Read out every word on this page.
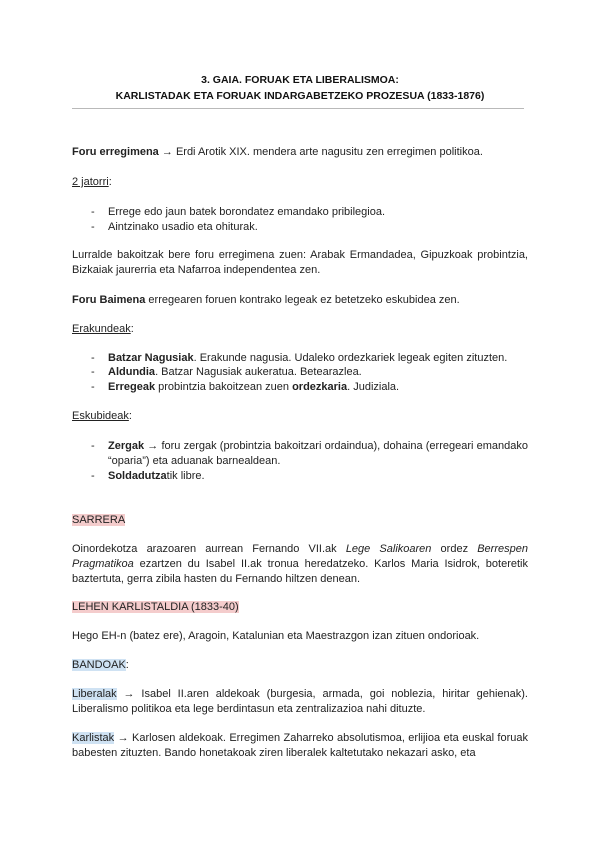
3. GAIA. FORUAK ETA LIBERALISMOA:
KARLISTADAK ETA FORUAK INDARGABETZEKO PROZESUA (1833-1876)
Foru erregimena → Erdi Arotik XIX. mendera arte nagusitu zen erregimen politikoa.
2 jatorri:
- Errege edo jaun batek borondatez emandako pribilegioa.
- Aintzinako usadio eta ohiturak.
Lurralde bakoitzak bere foru erregimena zuen: Arabak Ermandadea, Gipuzkoak probintzia, Bizkaiak jaurerria eta Nafarroa independentea zen.
Foru Baimena erregearen foruen kontrako legeak ez betetzeko eskubidea zen.
Erakundeak:
- Batzar Nagusiak. Erakunde nagusia. Udaleko ordezkariek legeak egiten zituzten.
- Aldundia. Batzar Nagusiak aukeratua. Betearazlea.
- Erregeak probintzia bakoitzean zuen ordezkaria. Judiziala.
Eskubideak:
- Zergak → foru zergak (probintzia bakoitzari ordaindua), dohaina (erregeari emandako “oparia”) eta aduanak barnealdean.
- Soldadutzatik libre.
SARRERA
Oinordekotza arazoaren aurrean Fernando VII.ak Lege Salikoaren ordez Berrespen Pragmatikoa ezartzen du Isabel II.ak tronua heredatzeko. Karlos Maria Isidrok, boteretik baztertuta, gerra zibila hasten du Fernando hiltzen denean.
LEHEN KARLISTALDIA (1833-40)
Hego EH-n (batez ere), Aragoin, Katalunian eta Maestrazgon izan zituen ondorioak.
BANDOAK:
Liberalak → Isabel II.aren aldekoak (burgesia, armada, goi noblezia, hiritar gehienak). Liberalismo politikoa eta lege berdintasun eta zentralizazioa nahi dituzte.
Karlistak → Karlosen aldekoak. Erregimen Zaharreko absolutismoa, erlijioa eta euskal foruak babesten zituzten. Bando honetakoak ziren liberalek kaltetutako nekazari asko, eta
